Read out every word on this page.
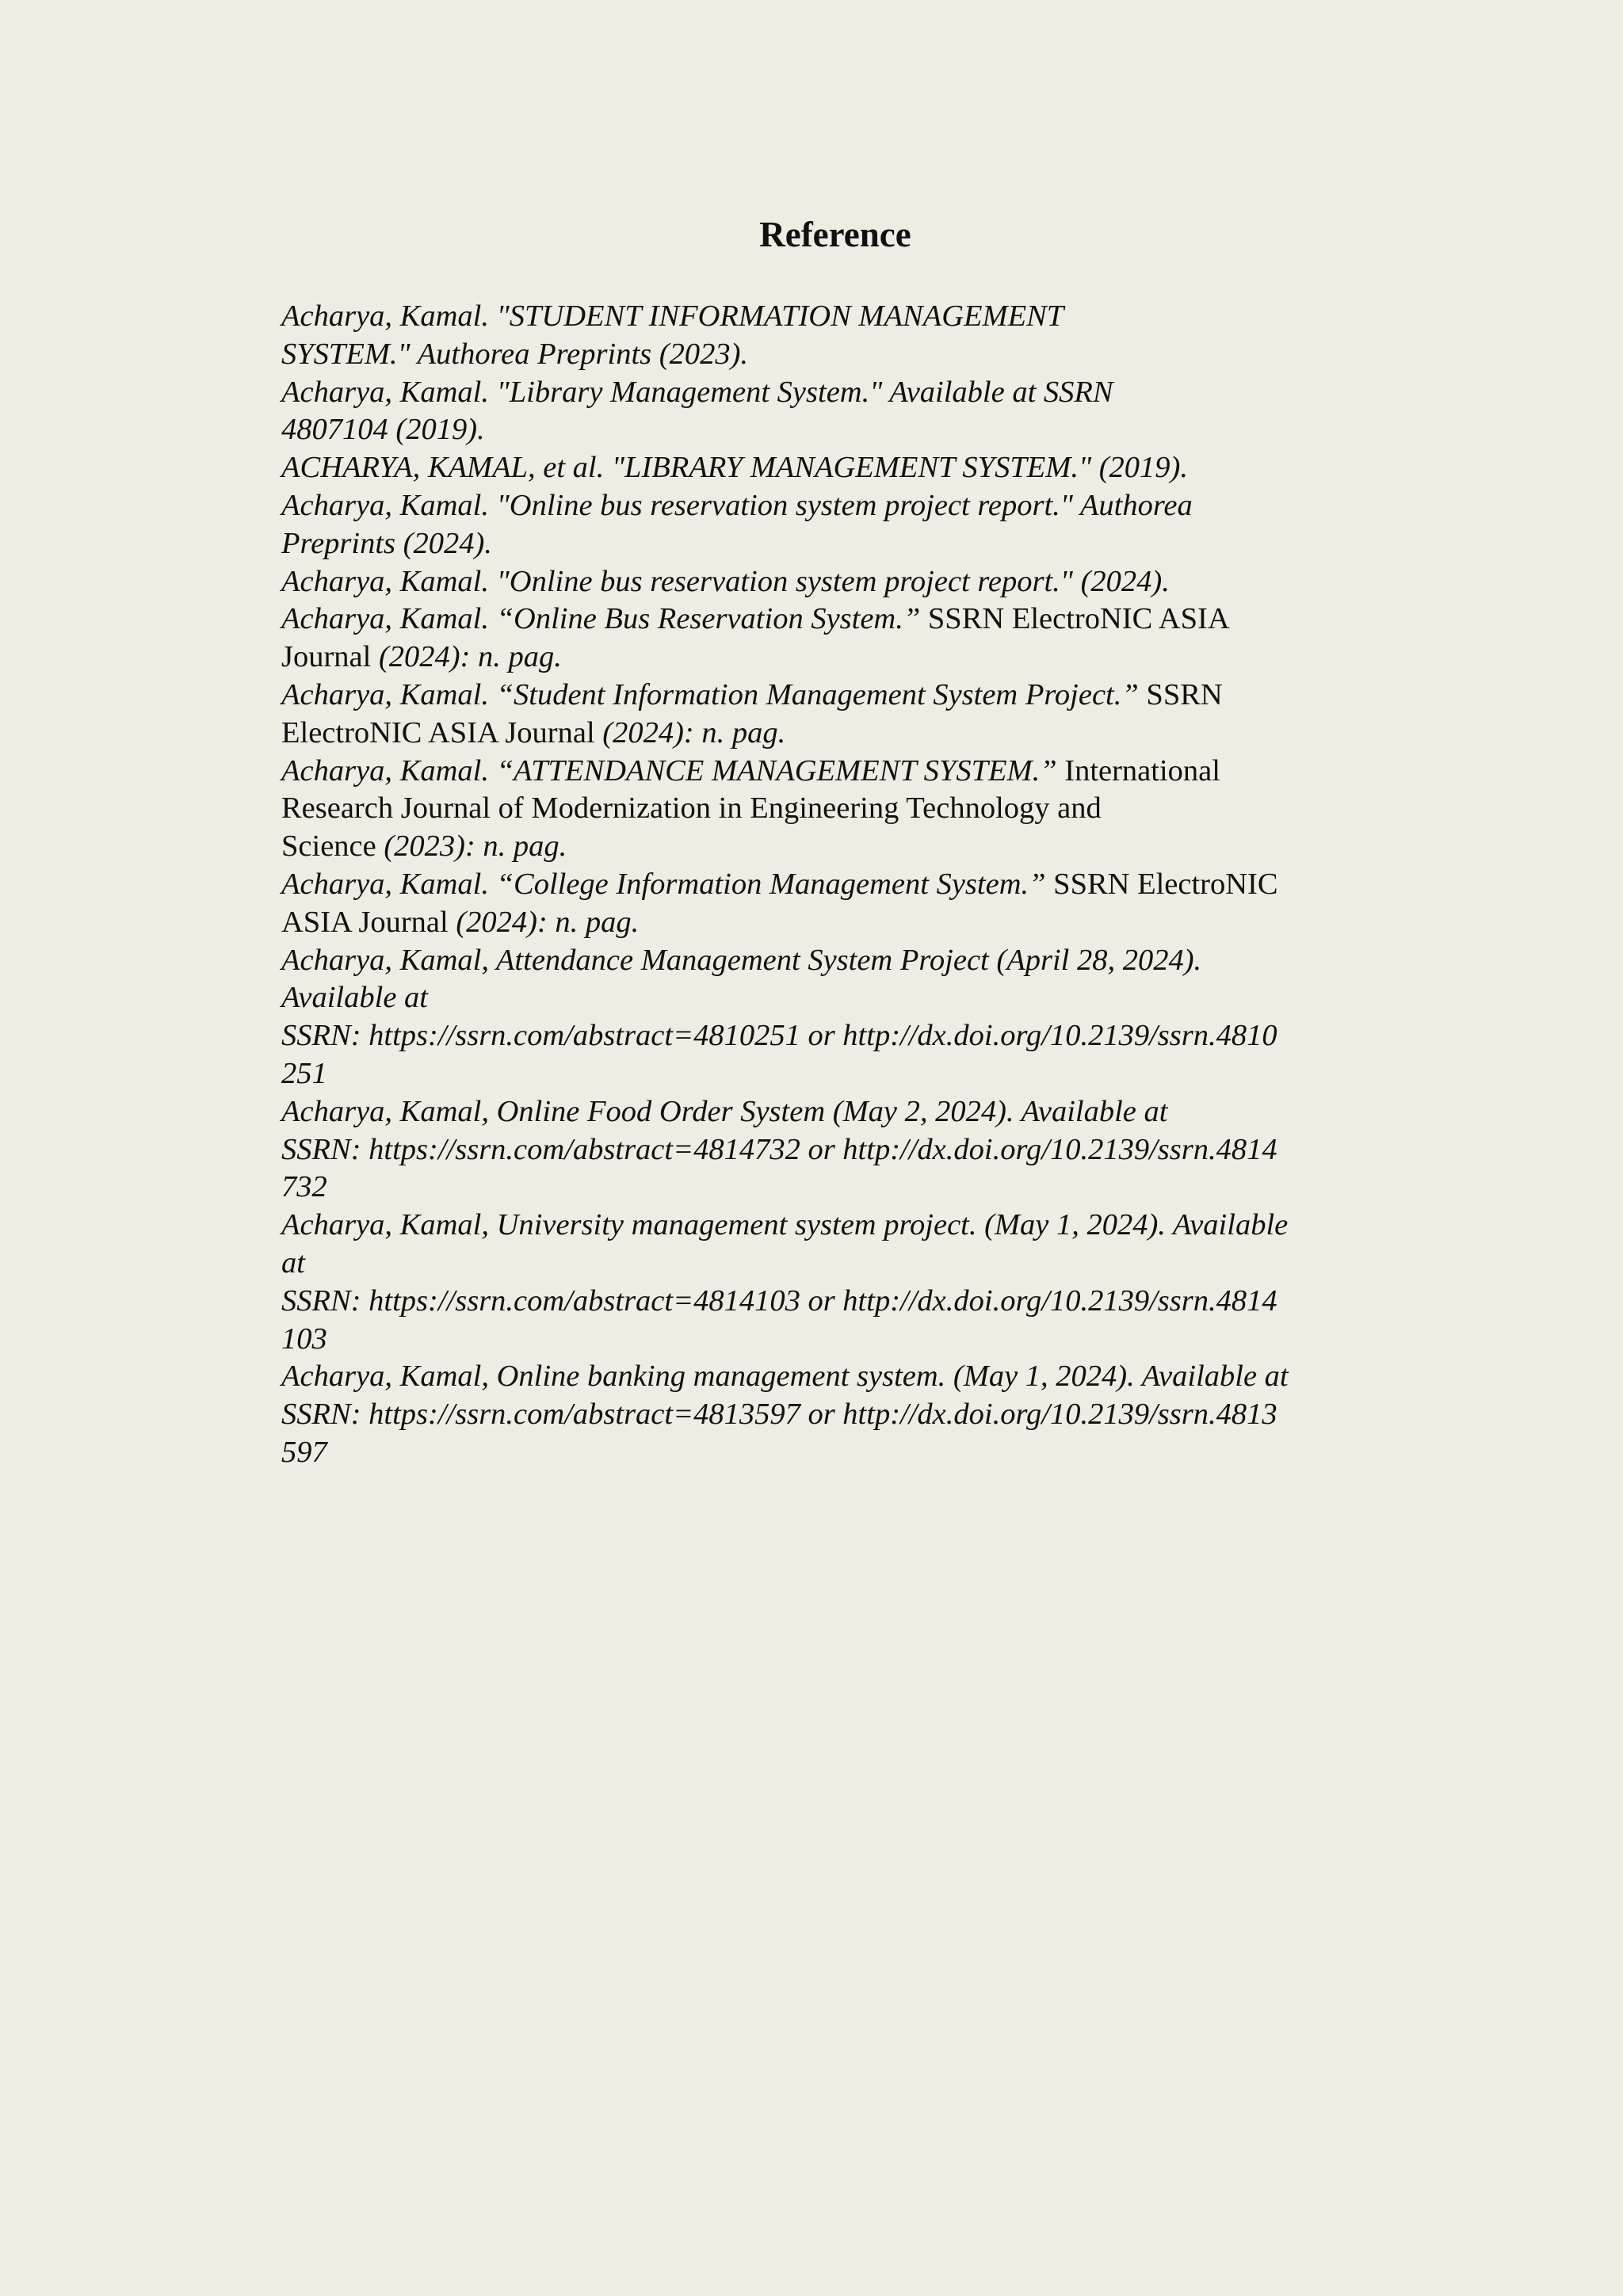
Reference
Acharya, Kamal. "STUDENT INFORMATION MANAGEMENT
SYSTEM." Authorea Preprints (2023).
Acharya, Kamal. "Library Management System." Available at SSRN
4807104 (2019).
ACHARYA, KAMAL, et al. "LIBRARY MANAGEMENT SYSTEM." (2019).
Acharya, Kamal. "Online bus reservation system project report." Authorea
Preprints (2024).
Acharya, Kamal. "Online bus reservation system project report." (2024).
Acharya, Kamal. “Online Bus Reservation System.” SSRN ElectroNIC ASIA
Journal (2024): n. pag.
Acharya, Kamal. “Student Information Management System Project.” SSRN
ElectroNIC ASIA Journal (2024): n. pag.
Acharya, Kamal. “ATTENDANCE MANAGEMENT SYSTEM.” International
Research Journal of Modernization in Engineering Technology and
Science (2023): n. pag.
Acharya, Kamal. “College Information Management System.” SSRN ElectroNIC
ASIA Journal (2024): n. pag.
Acharya, Kamal, Attendance Management System Project (April 28, 2024).
Available at
SSRN: https://ssrn.com/abstract=4810251 or http://dx.doi.org/10.2139/ssrn.4810
251
Acharya, Kamal, Online Food Order System (May 2, 2024). Available at
SSRN: https://ssrn.com/abstract=4814732 or http://dx.doi.org/10.2139/ssrn.4814
732
Acharya, Kamal, University management system project. (May 1, 2024). Available
at
SSRN: https://ssrn.com/abstract=4814103 or http://dx.doi.org/10.2139/ssrn.4814
103
Acharya, Kamal, Online banking management system. (May 1, 2024). Available at
SSRN: https://ssrn.com/abstract=4813597 or http://dx.doi.org/10.2139/ssrn.4813
597
